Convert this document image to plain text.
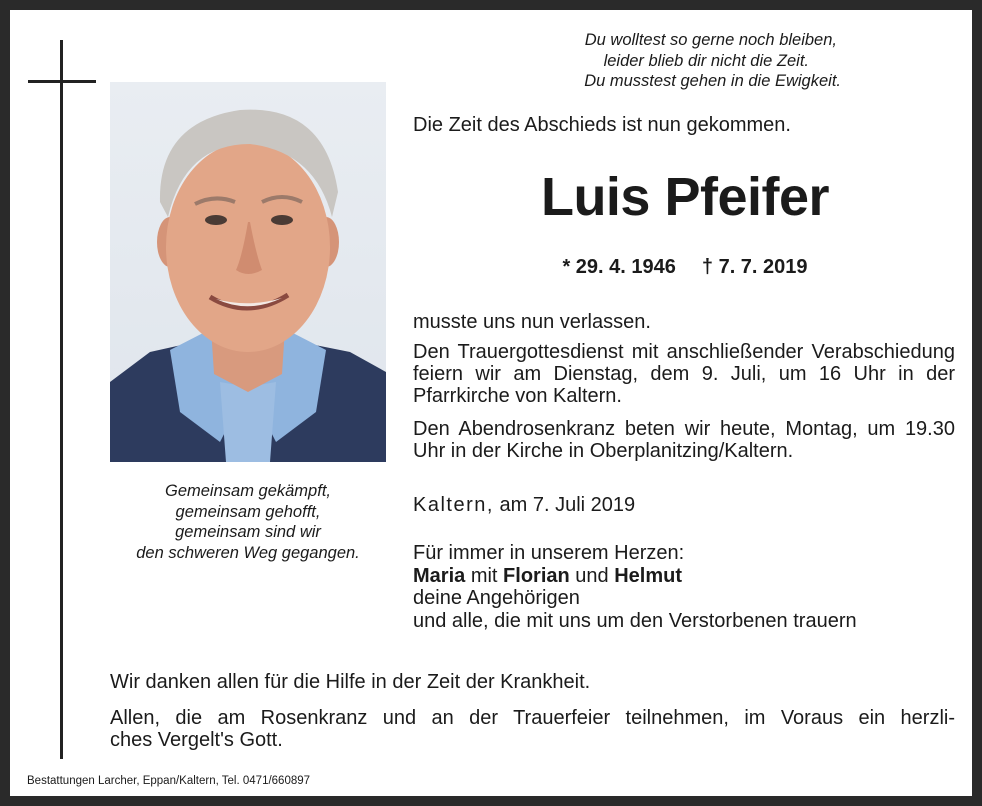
Gemeinsam gekämpft,
gemeinsam gehofft,
gemeinsam sind wir
den schweren Weg gegangen.
Du wolltest so gerne noch bleiben,
leider blieb dir nicht die Zeit.
Du musstest gehen in die Ewigkeit.
Die Zeit des Abschieds ist nun gekommen.
Luis Pfeifer
* 29. 4. 1946 † 7. 7. 2019
musste uns nun verlassen.
Den Trauergottesdienst mit anschließender Verabschiedung feiern wir am Dienstag, dem 9. Juli, um 16 Uhr in der Pfarrkirche von Kaltern.
Den Abendrosenkranz beten wir heute, Montag, um 19.30 Uhr in der Kirche in Oberplanitzing/Kaltern.
Kaltern, am 7. Juli 2019
Für immer in unserem Herzen:
Maria mit Florian und Helmut
deine Angehörigen
und alle, die mit uns um den Verstorbenen trauern
Wir danken allen für die Hilfe in der Zeit der Krankheit.
Allen, die am Rosenkranz und an der Trauerfeier teilnehmen, im Voraus ein herzli-
ches Vergelt's Gott.
Bestattungen Larcher, Eppan/Kaltern, Tel. 0471/660897
